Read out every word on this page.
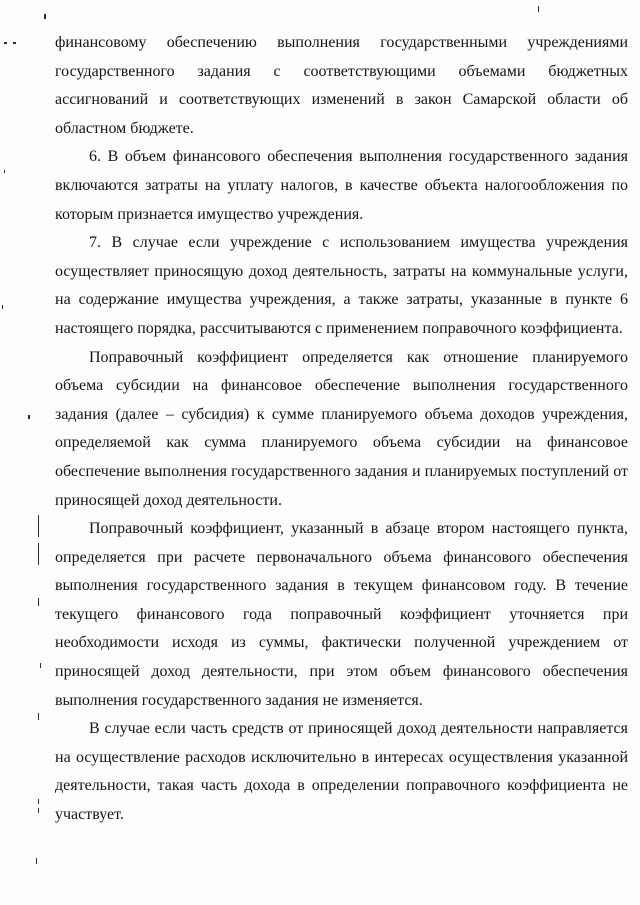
финансовому обеспечению выполнения государственными учреждениями государственного задания с соответствующими объемами бюджетных ассигнований и соответствующих изменений в закон Самарской области об областном бюджете.

6. В объем финансового обеспечения выполнения государственного задания включаются затраты на уплату налогов, в качестве объекта налогообложения по которым признается имущество учреждения.

7. В случае если учреждение с использованием имущества учреждения осуществляет приносящую доход деятельность, затраты на коммунальные услуги, на содержание имущества учреждения, а также затраты, указанные в пункте 6 настоящего порядка, рассчитываются с применением поправочного коэффициента.

Поправочный коэффициент определяется как отношение планируемого объема субсидии на финансовое обеспечение выполнения государственного задания (далее – субсидия) к сумме планируемого объема доходов учреждения, определяемой как сумма планируемого объема субсидии на финансовое обеспечение выполнения государственного задания и планируемых поступлений от приносящей доход деятельности.

Поправочный коэффициент, указанный в абзаце втором настоящего пункта, определяется при расчете первоначального объема финансового обеспечения выполнения государственного задания в текущем финансовом году. В течение текущего финансового года поправочный коэффициент уточняется при необходимости исходя из суммы, фактически полученной учреждением от приносящей доход деятельности, при этом объем финансового обеспечения выполнения государственного задания не изменяется.

В случае если часть средств от приносящей доход деятельности направляется на осуществление расходов исключительно в интересах осуществления указанной деятельности, такая часть дохода в определении поправочного коэффициента не участвует.
